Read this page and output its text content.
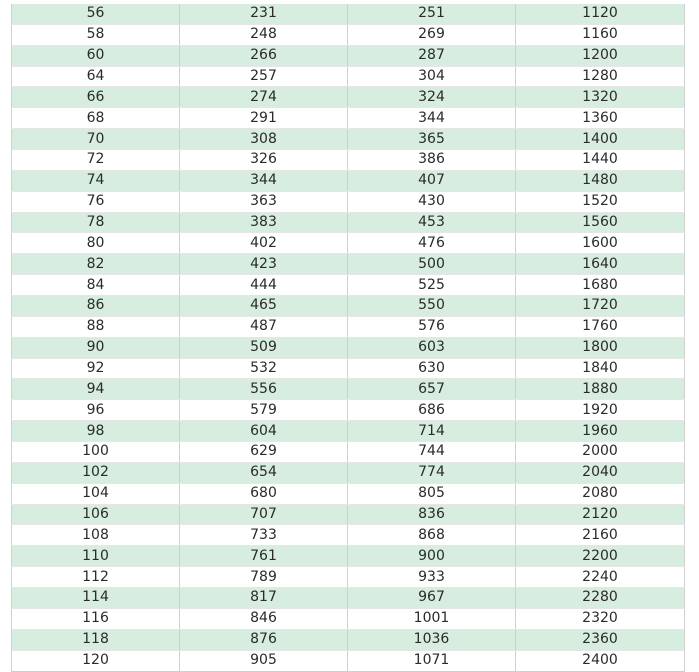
56	231	251	1120
58	248	269	1160
60	266	287	1200
64	257	304	1280
66	274	324	1320
68	291	344	1360
70	308	365	1400
72	326	386	1440
74	344	407	1480
76	363	430	1520
78	383	453	1560
80	402	476	1600
82	423	500	1640
84	444	525	1680
86	465	550	1720
88	487	576	1760
90	509	603	1800
92	532	630	1840
94	556	657	1880
96	579	686	1920
98	604	714	1960
100	629	744	2000
102	654	774	2040
104	680	805	2080
106	707	836	2120
108	733	868	2160
110	761	900	2200
112	789	933	2240
114	817	967	2280
116	846	1001	2320
118	876	1036	2360
120	905	1071	2400
